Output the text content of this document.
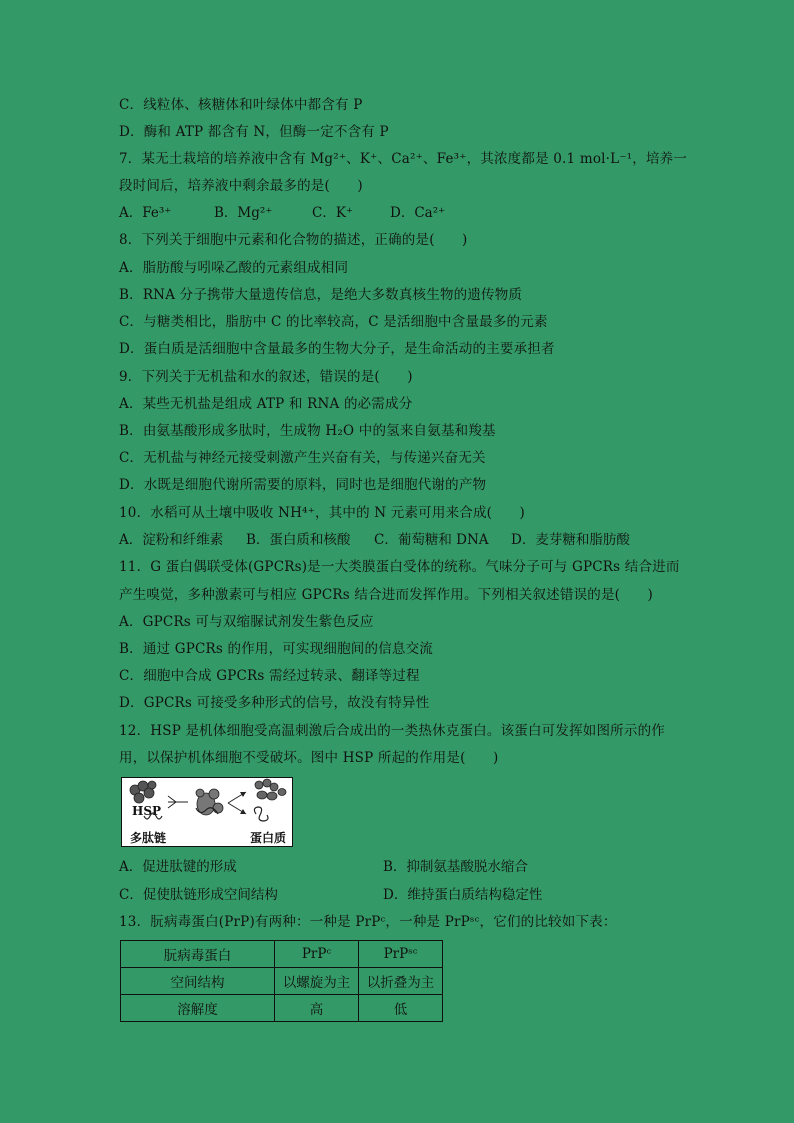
C．线粒体、核糖体和叶绿体中都含有 P
D．酶和 ATP 都含有 N，但酶一定不含有 P
7．某无土栽培的培养液中含有 Mg²⁺、K⁺、Ca²⁺、Fe³⁺，其浓度都是 0.1 mol·L⁻¹，培养一
段时间后，培养液中剩余最多的是(　　)
A．Fe³⁺	B．Mg²⁺	C．K⁺	D．Ca²⁺
8．下列关于细胞中元素和化合物的描述，正确的是(　　)
A．脂肪酸与吲哚乙酸的元素组成相同
B．RNA 分子携带大量遗传信息，是绝大多数真核生物的遗传物质
C．与糖类相比，脂肪中 C 的比率较高，C 是活细胞中含量最多的元素
D．蛋白质是活细胞中含量最多的生物大分子，是生命活动的主要承担者
9．下列关于无机盐和水的叙述，错误的是(　　)
A．某些无机盐是组成 ATP 和 RNA 的必需成分
B．由氨基酸形成多肽时，生成物 H₂O 中的氢来自氨基和羧基
C．无机盐与神经元接受刺激产生兴奋有关，与传递兴奋无关
D．水既是细胞代谢所需要的原料，同时也是细胞代谢的产物
10．水稻可从土壤中吸收 NH⁴⁺，其中的 N 元素可用来合成(　　)
A．淀粉和纤维素 B．蛋白质和核酸 C．葡萄糖和 DNA D．麦芽糖和脂肪酸
11．G 蛋白偶联受体(GPCRs)是一大类膜蛋白受体的统称。气味分子可与 GPCRs 结合进而
产生嗅觉，多种激素可与相应 GPCRs 结合进而发挥作用。下列相关叙述错误的是(　　)
A．GPCRs 可与双缩脲试剂发生紫色反应
B．通过 GPCRs 的作用，可实现细胞间的信息交流
C．细胞中合成 GPCRs 需经过转录、翻译等过程
D．GPCRs 可接受多种形式的信号，故没有特异性
12．HSP 是机体细胞受高温刺激后合成出的一类热休克蛋白。该蛋白可发挥如图所示的作
用，以保护机体细胞不受破坏。图中 HSP 所起的作用是(　　)
HSP
多肽链	蛋白质
A．促进肽键的形成	B．抑制氨基酸脱水缩合
C．促使肽链形成空间结构	D．维持蛋白质结构稳定性
13．朊病毒蛋白(PrP)有两种：一种是 PrPᶜ，一种是 PrPˢᶜ，它们的比较如下表：
朊病毒蛋白	PrPᶜ	PrPˢᶜ
空间结构	以螺旋为主	以折叠为主
溶解度	高	低
